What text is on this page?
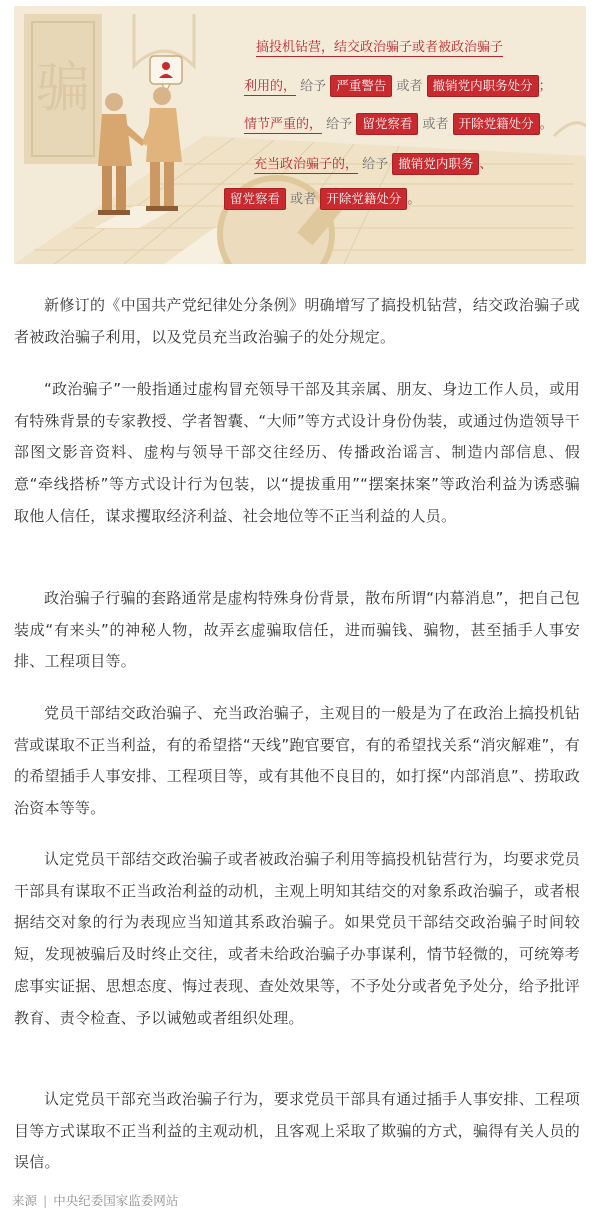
骗
搞投机钻营，结交政治骗子或者被政治骗子
利用的， 给予 严重警告 或者 撤销党内职务处分 ；
情节严重的， 给予 留党察看 或者 开除党籍处分 。
充当政治骗子的， 给予 撤销党内职务 、
留党察看 或者 开除党籍处分 。

新修订的《中国共产党纪律处分条例》明确增写了搞投机钻营，结交政治骗子或者被政治骗子利用，以及党员充当政治骗子的处分规定。

“政治骗子”一般指通过虚构冒充领导干部及其亲属、朋友、身边工作人员，或用有特殊背景的专家教授、学者智囊、“大师”等方式设计身份伪装，或通过伪造领导干部图文影音资料、虚构与领导干部交往经历、传播政治谣言、制造内部信息、假意“牵线搭桥”等方式设计行为包装，以“提拔重用”“摆案抹案”等政治利益为诱惑骗取他人信任，谋求攫取经济利益、社会地位等不正当利益的人员。

政治骗子行骗的套路通常是虚构特殊身份背景，散布所谓“内幕消息”，把自己包装成“有来头”的神秘人物，故弄玄虚骗取信任，进而骗钱、骗物，甚至插手人事安排、工程项目等。

党员干部结交政治骗子、充当政治骗子，主观目的一般是为了在政治上搞投机钻营或谋取不正当利益，有的希望搭“天线”跑官要官，有的希望找关系“消灾解难”，有的希望插手人事安排、工程项目等，或有其他不良目的，如打探“内部消息”、捞取政治资本等等。

认定党员干部结交政治骗子或者被政治骗子利用等搞投机钻营行为，均要求党员干部具有谋取不正当政治利益的动机，主观上明知其结交的对象系政治骗子，或者根据结交对象的行为表现应当知道其系政治骗子。如果党员干部结交政治骗子时间较短，发现被骗后及时终止交往，或者未给政治骗子办事谋利，情节轻微的，可统筹考虑事实证据、思想态度、悔过表现、查处效果等，不予处分或者免予处分，给予批评教育、责令检查、予以诫勉或者组织处理。

认定党员干部充当政治骗子行为，要求党员干部具有通过插手人事安排、工程项目等方式谋取不正当利益的主观动机，且客观上采取了欺骗的方式，骗得有关人员的误信。

来源 | 中央纪委国家监委网站
